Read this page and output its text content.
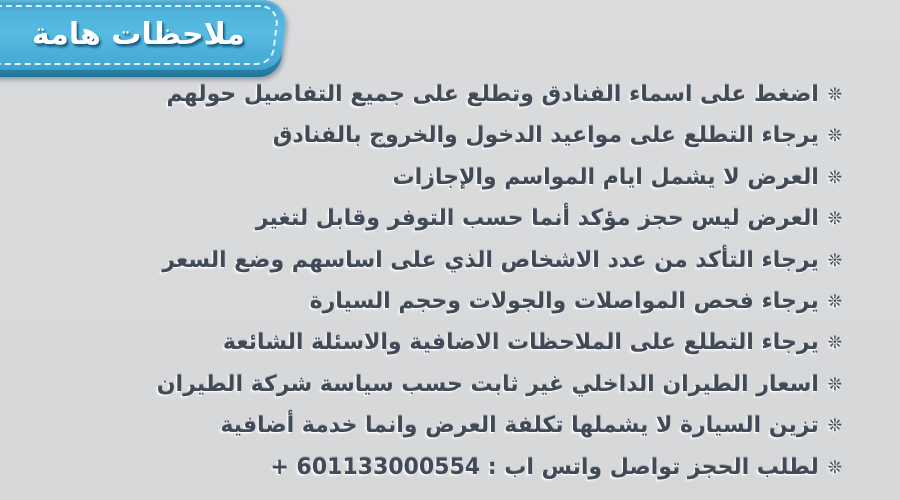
ملاحظات هامة
❊اضغط على اسماء الفنادق وتطلع على جميع التفاصيل حولهم
❊يرجاء التطلع على مواعيد الدخول والخروج بالفنادق
❊العرض لا يشمل ايام المواسم والإجازات
❊العرض ليس حجز مؤكد أنما حسب التوفر وقابل لتغير
❊يرجاء التأكد من عدد الاشخاص الذي على اساسهم وضع السعر
❊يرجاء فحص المواصلات والجولات وحجم السيارة
❊يرجاء التطلع على الملاحظات الاضافية والاسئلة الشائعة
❊اسعار الطيران الداخلي غير ثابت حسب سياسة شركة الطيران
❊تزين السيارة لا يشملها تكلفة العرض وانما خدمة أضافية
❊لطلب الحجز تواصل واتس اب : 601133000554 +
